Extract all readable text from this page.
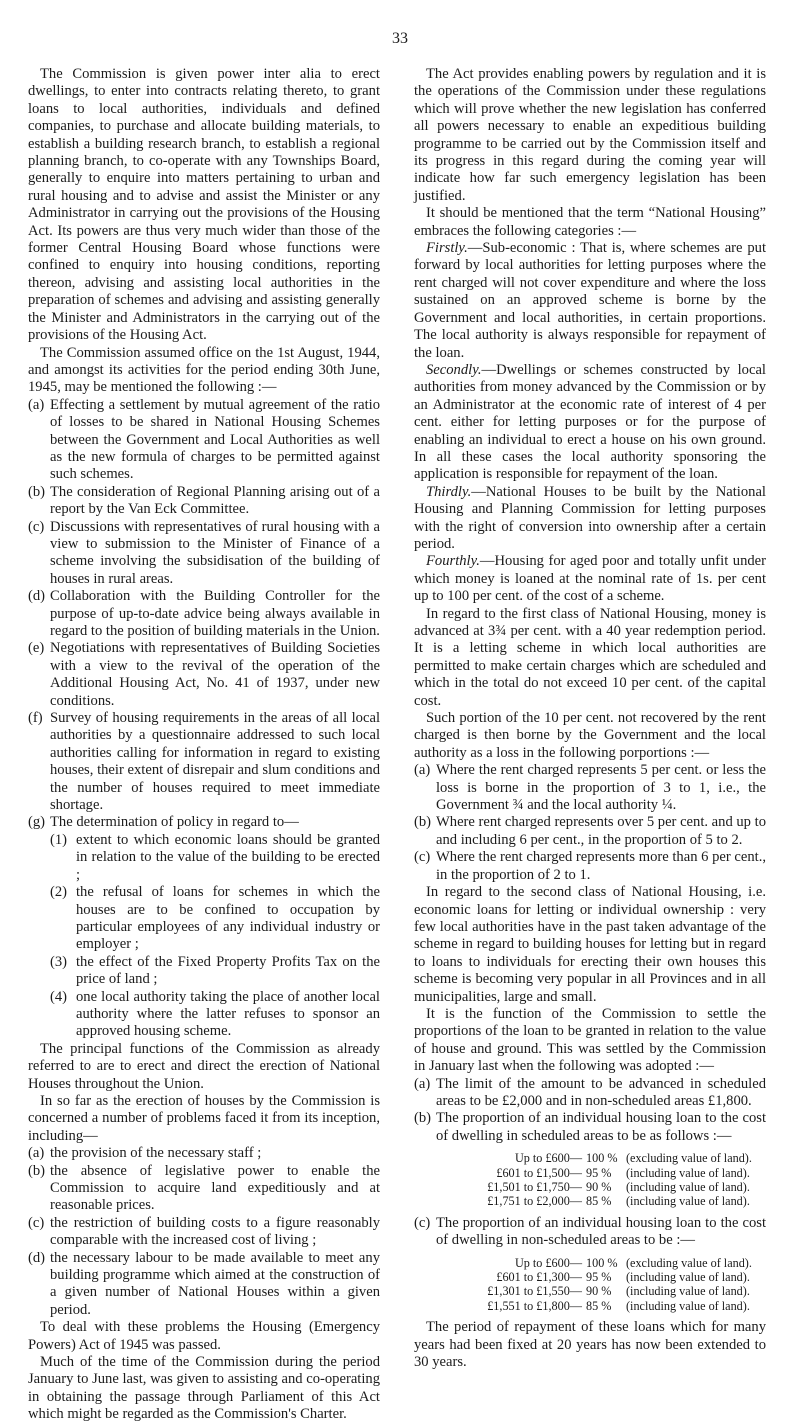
33

The Commission is given power inter alia to erect dwellings, to enter into contracts relating thereto, to grant loans to local authorities, individuals and defined companies, to purchase and allocate building materials, to establish a building research branch, to establish a regional planning branch, to co-operate with any Townships Board, generally to enquire into matters pertaining to urban and rural housing and to advise and assist the Minister or any Administrator in carrying out the provisions of the Housing Act. Its powers are thus very much wider than those of the former Central Housing Board whose functions were confined to enquiry into housing conditions, reporting thereon, advising and assisting local authorities in the preparation of schemes and advising and assisting generally the Minister and Administrators in the carrying out of the provisions of the Housing Act.

The Commission assumed office on the 1st August, 1944, and amongst its activities for the period ending 30th June, 1945, may be mentioned the following :—

(a) Effecting a settlement by mutual agreement of the ratio of losses to be shared in National Housing Schemes between the Government and Local Authorities as well as the new formula of charges to be permitted against such schemes.
(b) The consideration of Regional Planning arising out of a report by the Van Eck Committee.
(c) Discussions with representatives of rural housing with a view to submission to the Minister of Finance of a scheme involving the subsidisation of the building of houses in rural areas.
(d) Collaboration with the Building Controller for the purpose of up-to-date advice being always available in regard to the position of building materials in the Union.
(e) Negotiations with representatives of Building Societies with a view to the revival of the operation of the Additional Housing Act, No. 41 of 1937, under new conditions.
(f) Survey of housing requirements in the areas of all local authorities by a questionnaire addressed to such local authorities calling for information in regard to existing houses, their extent of disrepair and slum conditions and the number of houses required to meet immediate shortage.
(g) The determination of policy in regard to—
(1) extent to which economic loans should be granted in relation to the value of the building to be erected ;
(2) the refusal of loans for schemes in which the houses are to be confined to occupation by particular employees of any individual industry or employer ;
(3) the effect of the Fixed Property Profits Tax on the price of land ;
(4) one local authority taking the place of another local authority where the latter refuses to sponsor an approved housing scheme.

The principal functions of the Commission as already referred to are to erect and direct the erection of National Houses throughout the Union.

In so far as the erection of houses by the Commission is concerned a number of problems faced it from its inception, including—

(a) the provision of the necessary staff ;
(b) the absence of legislative power to enable the Commission to acquire land expeditiously and at reasonable prices.
(c) the restriction of building costs to a figure reasonably comparable with the increased cost of living ;
(d) the necessary labour to be made available to meet any building programme which aimed at the construction of a given number of National Houses within a given period.

To deal with these problems the Housing (Emergency Powers) Act of 1945 was passed.

Much of the time of the Commission during the period January to June last, was given to assisting and co-operating in obtaining the passage through Parliament of this Act which might be regarded as the Commission's Charter.

The Act provides enabling powers by regulation and it is the operations of the Commission under these regulations which will prove whether the new legislation has conferred all powers necessary to enable an expeditious building programme to be carried out by the Commission itself and its progress in this regard during the coming year will indicate how far such emergency legislation has been justified.

It should be mentioned that the term “National Housing” embraces the following categories :—

Firstly.—Sub-economic : That is, where schemes are put forward by local authorities for letting purposes where the rent charged will not cover expenditure and where the loss sustained on an approved scheme is borne by the Government and local authorities, in certain proportions. The local authority is always responsible for repayment of the loan.

Secondly.—Dwellings or schemes constructed by local authorities from money advanced by the Commission or by an Administrator at the economic rate of interest of 4 per cent. either for letting purposes or for the purpose of enabling an individual to erect a house on his own ground. In all these cases the local authority sponsoring the application is responsible for repayment of the loan.

Thirdly.—National Houses to be built by the National Housing and Planning Commission for letting purposes with the right of conversion into ownership after a certain period.

Fourthly.—Housing for aged poor and totally unfit under which money is loaned at the nominal rate of 1s. per cent up to 100 per cent. of the cost of a scheme.

In regard to the first class of National Housing, money is advanced at 3¾ per cent. with a 40 year redemption period. It is a letting scheme in which local authorities are permitted to make certain charges which are scheduled and which in the total do not exceed 10 per cent. of the capital cost.

Such portion of the 10 per cent. not recovered by the rent charged is then borne by the Government and the local authority as a loss in the following porportions :—

(a) Where the rent charged represents 5 per cent. or less the loss is borne in the proportion of 3 to 1, i.e., the Government ¾ and the local authority ¼.
(b) Where rent charged represents over 5 per cent. and up to and including 6 per cent., in the proportion of 5 to 2.
(c) Where the rent charged represents more than 6 per cent., in the proportion of 2 to 1.

In regard to the second class of National Housing, i.e. economic loans for letting or individual ownership : very few local authorities have in the past taken advantage of the scheme in regard to building houses for letting but in regard to loans to individuals for erecting their own houses this scheme is becoming very popular in all Provinces and in all municipalities, large and small.

It is the function of the Commission to settle the proportions of the loan to be granted in relation to the value of house and ground. This was settled by the Commission in January last when the following was adopted :—

(a) The limit of the amount to be advanced in scheduled areas to be £2,000 and in non-scheduled areas £1,800.
(b) The proportion of an individual housing loan to the cost of dwelling in scheduled areas to be as follows :—
Up to £600— 100 % (excluding value of land).
£601 to £1,500— 95 %	(including value of land).
£1,501 to £1,750— 90 %	(including value of land).
£1,751 to £2,000— 85 %	(including value of land).
(c) The proportion of an individual housing loan to the cost of dwelling in non-scheduled areas to be :—
Up to £600— 100 % (excluding value of land).
£601 to £1,300— 95 %	(including value of land).
£1,301 to £1,550— 90 %	(including value of land).
£1,551 to £1,800— 85 %	(including value of land).

The period of repayment of these loans which for many years had been fixed at 20 years has now been extended to 30 years.
